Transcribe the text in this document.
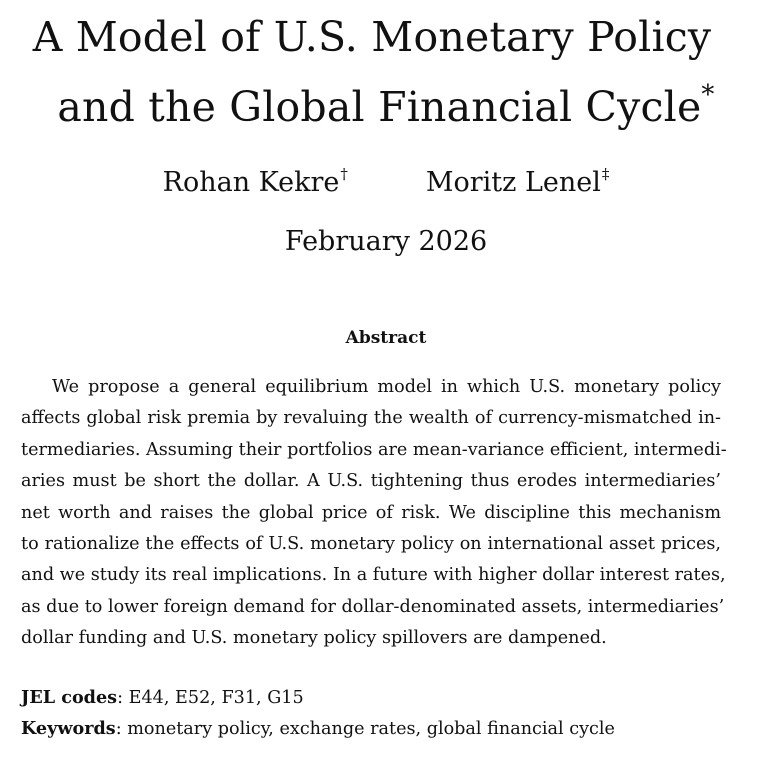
A Model of U.S. Monetary Policy
and the Global Financial Cycle*
Rohan Kekre†	Moritz Lenel‡
February 2026
Abstract
We propose a general equilibrium model in which U.S. monetary policy
affects global risk premia by revaluing the wealth of currency-mismatched in-
termediaries. Assuming their portfolios are mean-variance efficient, intermedi-
aries must be short the dollar. A U.S. tightening thus erodes intermediaries’
net worth and raises the global price of risk. We discipline this mechanism
to rationalize the effects of U.S. monetary policy on international asset prices,
and we study its real implications. In a future with higher dollar interest rates,
as due to lower foreign demand for dollar-denominated assets, intermediaries’
dollar funding and U.S. monetary policy spillovers are dampened.
JEL codes: E44, E52, F31, G15
Keywords: monetary policy, exchange rates, global financial cycle
